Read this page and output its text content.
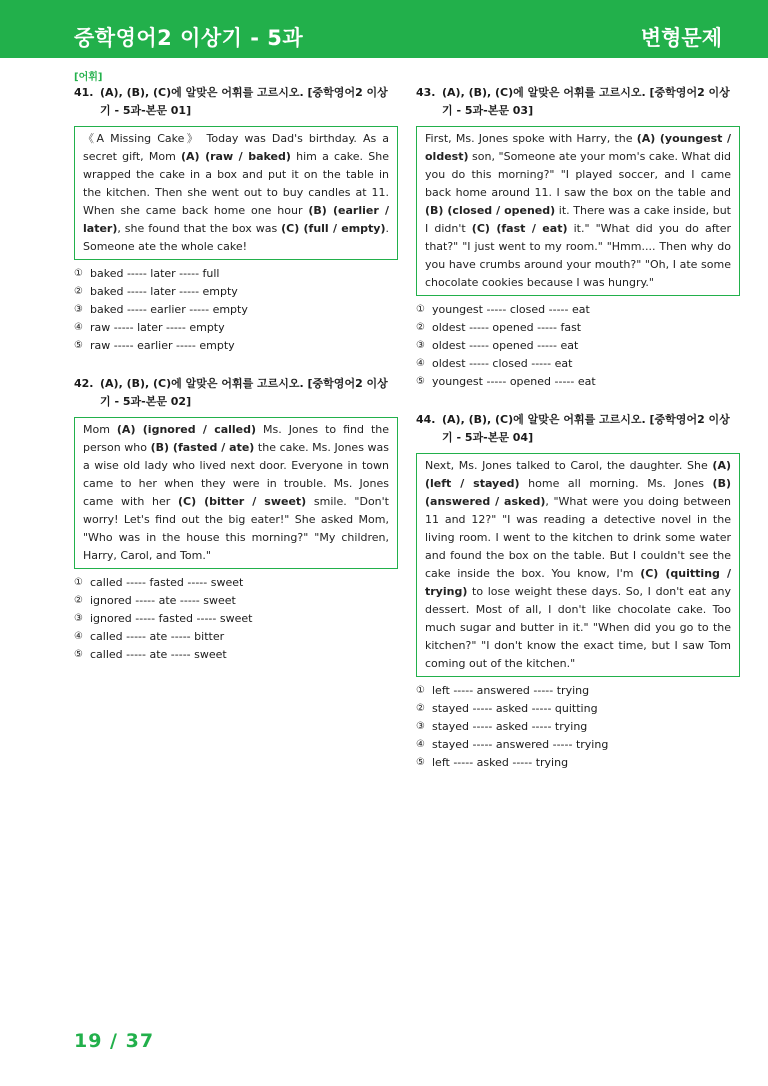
중학영어2 이상기 - 5과	변형문제
[어휘]
41. (A), (B), (C)에 알맞은 어휘를 고르시오. [중학영어2 이상기 - 5과-본문 01]
《A Missing Cake》 Today was Dad's birthday. As a secret gift, Mom (A) (raw / baked) him a cake. She wrapped the cake in a box and put it on the table in the kitchen. Then she went out to buy candles at 11. When she came back home one hour (B) (earlier / later), she found that the box was (C) (full / empty). Someone ate the whole cake!
① baked ----- later ----- full
② baked ----- later ----- empty
③ baked ----- earlier ----- empty
④ raw ----- later ----- empty
⑤ raw ----- earlier ----- empty
42. (A), (B), (C)에 알맞은 어휘를 고르시오. [중학영어2 이상기 - 5과-본문 02]
Mom (A) (ignored / called) Ms. Jones to find the person who (B) (fasted / ate) the cake. Ms. Jones was a wise old lady who lived next door. Everyone in town came to her when they were in trouble. Ms. Jones came with her (C) (bitter / sweet) smile. "Don't worry! Let's find out the big eater!" She asked Mom, "Who was in the house this morning?" "My children, Harry, Carol, and Tom."
① called ----- fasted ----- sweet
② ignored ----- ate ----- sweet
③ ignored ----- fasted ----- sweet
④ called ----- ate ----- bitter
⑤ called ----- ate ----- sweet
43. (A), (B), (C)에 알맞은 어휘를 고르시오. [중학영어2 이상기 - 5과-본문 03]
First, Ms. Jones spoke with Harry, the (A) (youngest / oldest) son, "Someone ate your mom's cake. What did you do this morning?" "I played soccer, and I came back home around 11. I saw the box on the table and (B) (closed / opened) it. There was a cake inside, but I didn't (C) (fast / eat) it." "What did you do after that?" "I just went to my room." "Hmm.... Then why do you have crumbs around your mouth?" "Oh, I ate some chocolate cookies because I was hungry."
① youngest ----- closed ----- eat
② oldest ----- opened ----- fast
③ oldest ----- opened ----- eat
④ oldest ----- closed ----- eat
⑤ youngest ----- opened ----- eat
44. (A), (B), (C)에 알맞은 어휘를 고르시오. [중학영어2 이상기 - 5과-본문 04]
Next, Ms. Jones talked to Carol, the daughter. She (A) (left / stayed) home all morning. Ms. Jones (B) (answered / asked), "What were you doing between 11 and 12?" "I was reading a detective novel in the living room. I went to the kitchen to drink some water and found the box on the table. But I couldn't see the cake inside the box. You know, I'm (C) (quitting / trying) to lose weight these days. So, I don't eat any dessert. Most of all, I don't like chocolate cake. Too much sugar and butter in it." "When did you go to the kitchen?" "I don't know the exact time, but I saw Tom coming out of the kitchen."
① left ----- answered ----- trying
② stayed ----- asked ----- quitting
③ stayed ----- asked ----- trying
④ stayed ----- answered ----- trying
⑤ left ----- asked ----- trying
19 / 37
